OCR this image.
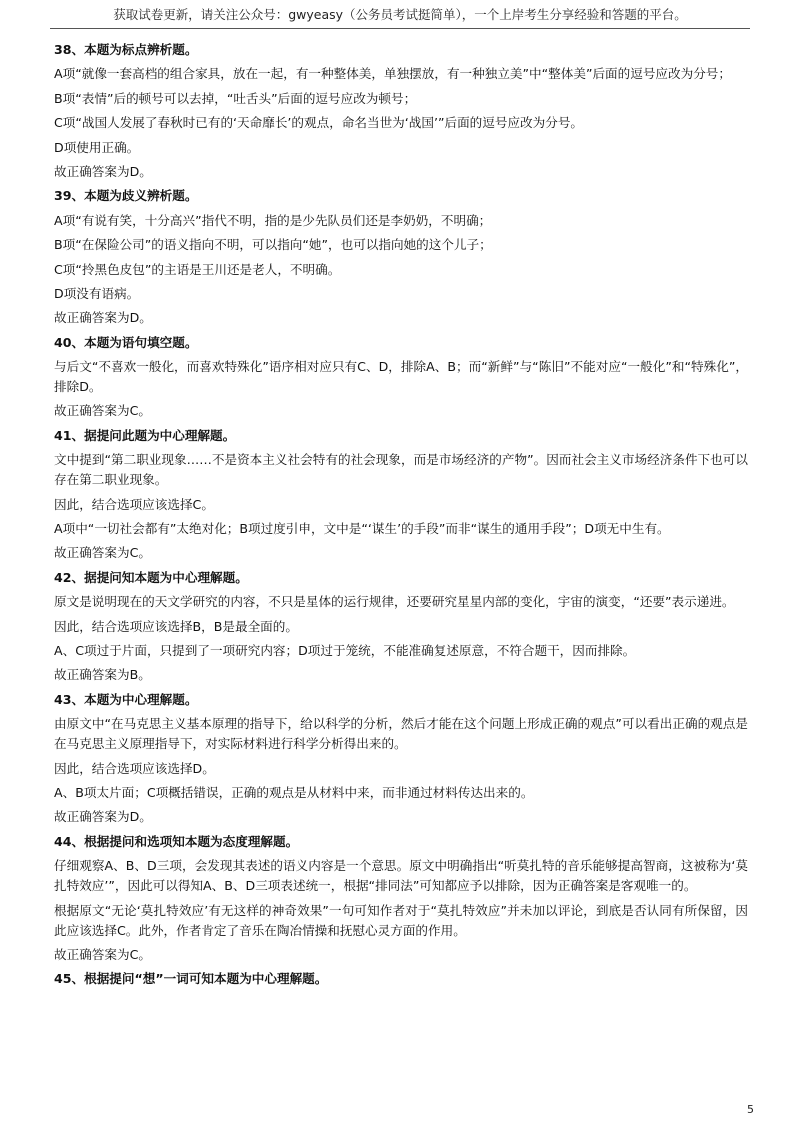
获取试卷更新，请关注公众号：gwyeasy（公务员考试挺简单），一个上岸考生分享经验和答题的平台。

38、本题为标点辨析题。

A项“就像一套高档的组合家具，放在一起，有一种整体美，单独摆放，有一种独立美”中“整体美”后面的逗号应改为分号；

B项“表情”后的顿号可以去掉，“吐舌头”后面的逗号应改为顿号；

C项“战国人发展了春秋时已有的‘天命靡长’的观点，命名当世为‘战国’”后面的逗号应改为分号。

D项使用正确。

故正确答案为D。

39、本题为歧义辨析题。

A项“有说有笑，十分高兴”指代不明，指的是少先队员们还是李奶奶，不明确；

B项“在保险公司”的语义指向不明，可以指向“她”，也可以指向她的这个儿子；

C项“拎黑色皮包”的主语是王川还是老人，不明确。

D项没有语病。

故正确答案为D。

40、本题为语句填空题。

与后文“不喜欢一般化，而喜欢特殊化”语序相对应只有C、D，排除A、B；而“新鲜”与“陈旧”不能对应“一般化”和“特殊化”，排除D。

故正确答案为C。

41、据提问此题为中心理解题。

文中提到“第二职业现象……不是资本主义社会特有的社会现象，而是市场经济的产物”。因而社会主义市场经济条件下也可以存在第二职业现象。

因此，结合选项应该选择C。

A项中“一切社会都有”太绝对化；B项过度引申，文中是“‘谋生’的手段”而非“谋生的通用手段”；D项无中生有。

故正确答案为C。

42、据提问知本题为中心理解题。

原文是说明现在的天文学研究的内容，不只是星体的运行规律，还要研究星星内部的变化，宇宙的演变，“还要”表示递进。

因此，结合选项应该选择B，B是最全面的。

A、C项过于片面，只提到了一项研究内容；D项过于笼统，不能准确复述原意，不符合题干，因而排除。

故正确答案为B。

43、本题为中心理解题。

由原文中“在马克思主义基本原理的指导下，给以科学的分析，然后才能在这个问题上形成正确的观点”可以看出正确的观点是在马克思主义原理指导下，对实际材料进行科学分析得出来的。

因此，结合选项应该选择D。

A、B项太片面；C项概括错误，正确的观点是从材料中来，而非通过材料传达出来的。

故正确答案为D。

44、根据提问和选项知本题为态度理解题。

仔细观察A、B、D三项，会发现其表述的语义内容是一个意思。原文中明确指出“听莫扎特的音乐能够提高智商，这被称为‘莫扎特效应’”，因此可以得知A、B、D三项表述统一，根据“排同法”可知都应予以排除，因为正确答案是客观唯一的。

根据原文“无论‘莫扎特效应’有无这样的神奇效果”一句可知作者对于“莫扎特效应”并未加以评论，到底是否认同有所保留，因此应该选择C。此外，作者肯定了音乐在陶冶情操和抚慰心灵方面的作用。

故正确答案为C。

45、根据提问“想”一词可知本题为中心理解题。

5
